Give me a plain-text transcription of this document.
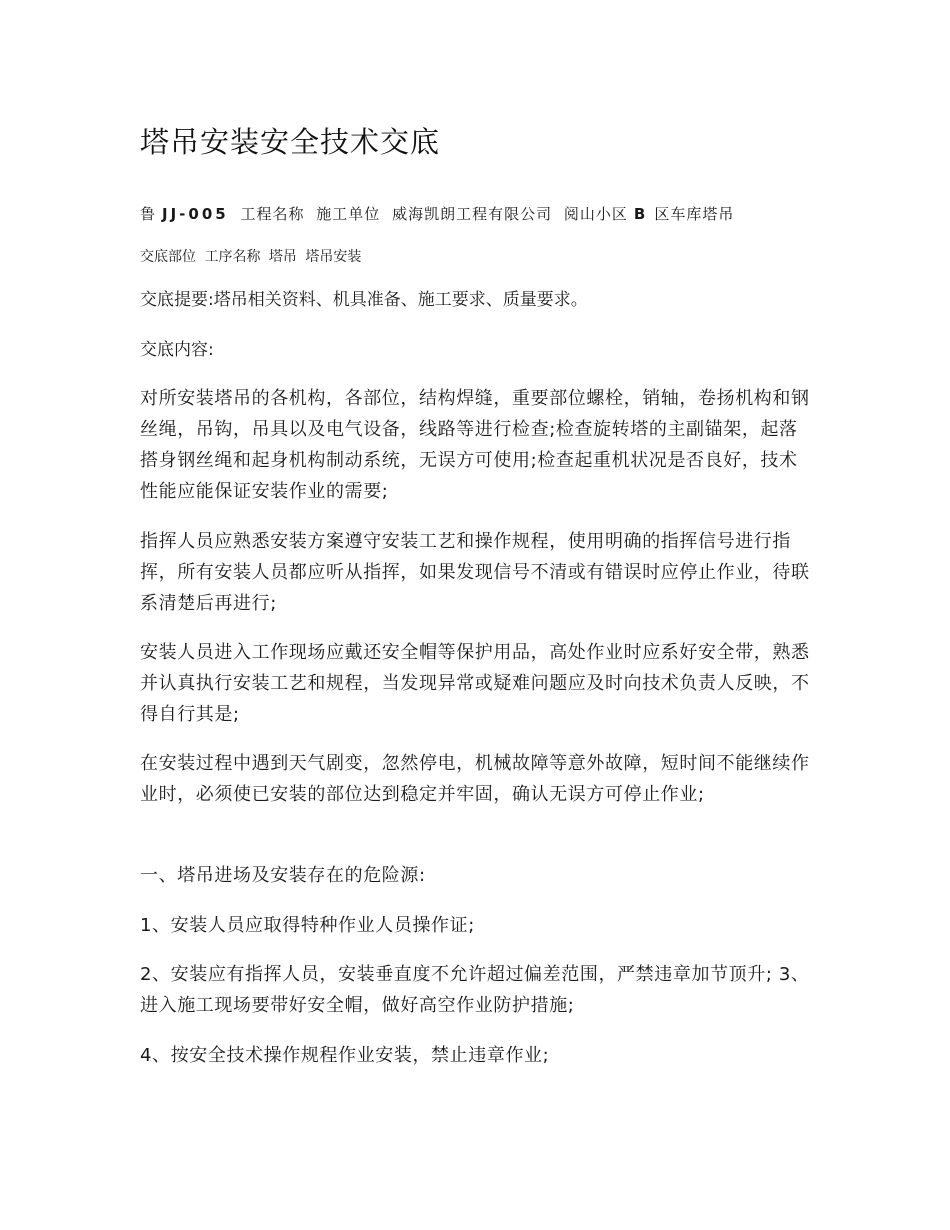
塔吊安装安全技术交底
鲁 JJ-005 工程名称 施工单位 威海凯朗工程有限公司 阅山小区 B 区车库塔吊
交底部位 工序名称 塔吊 塔吊安装
交底提要:塔吊相关资料、机具准备、施工要求、质量要求。
交底内容:

对所安装塔吊的各机构，各部位，结构焊缝，重要部位螺栓，销轴，卷扬机构和钢丝绳，吊钩，吊具以及电气设备，线路等进行检查;检查旋转塔的主副锚架，起落搭身钢丝绳和起身机构制动系统，无误方可使用;检查起重机状况是否良好，技术性能应能保证安装作业的需要;

指挥人员应熟悉安装方案遵守安装工艺和操作规程，使用明确的指挥信号进行指挥，所有安装人员都应听从指挥，如果发现信号不清或有错误时应停止作业，待联系清楚后再进行;

安装人员进入工作现场应戴还安全帽等保护用品，高处作业时应系好安全带，熟悉并认真执行安装工艺和规程，当发现异常或疑难问题应及时向技术负责人反映，不得自行其是;

在安装过程中遇到天气剧变，忽然停电，机械故障等意外故障，短时间不能继续作业时，必须使已安装的部位达到稳定并牢固，确认无误方可停止作业;

一、塔吊进场及安装存在的危险源:

1、安装人员应取得特种作业人员操作证;

2、安装应有指挥人员，安装垂直度不允许超过偏差范围，严禁违章加节顶升; 3、进入施工现场要带好安全帽，做好高空作业防护措施;

4、按安全技术操作规程作业安装，禁止违章作业;
